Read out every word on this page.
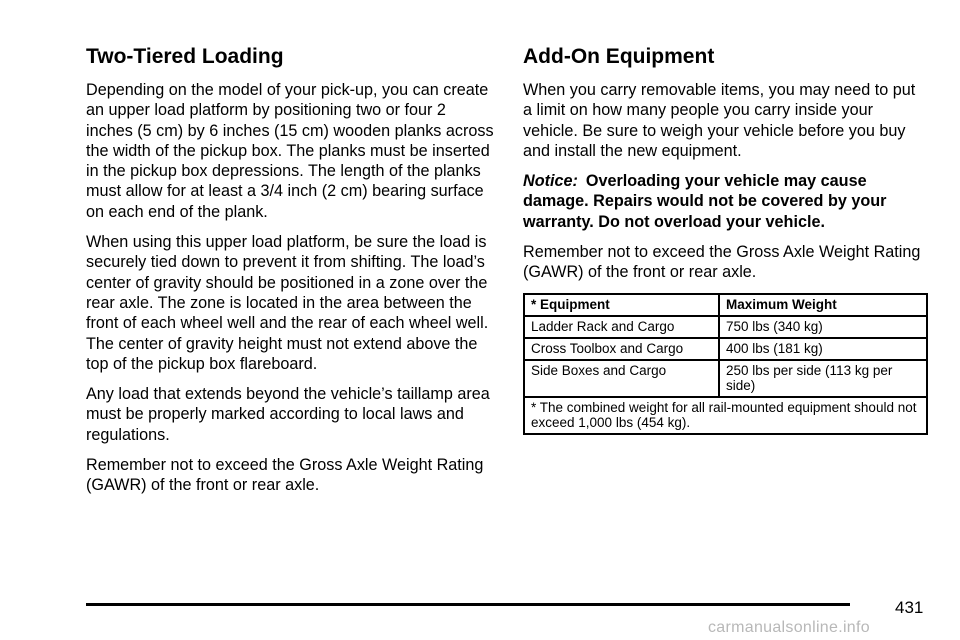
Two-Tiered Loading

Depending on the model of your pick-up, you can create an upper load platform by positioning two or four 2 inches (5 cm) by 6 inches (15 cm) wooden planks across the width of the pickup box. The planks must be inserted in the pickup box depressions. The length of the planks must allow for at least a 3/4 inch (2 cm) bearing surface on each end of the plank.

When using this upper load platform, be sure the load is securely tied down to prevent it from shifting. The load’s center of gravity should be positioned in a zone over the rear axle. The zone is located in the area between the front of each wheel well and the rear of each wheel well. The center of gravity height must not extend above the top of the pickup box flareboard.

Any load that extends beyond the vehicle’s taillamp area must be properly marked according to local laws and regulations.

Remember not to exceed the Gross Axle Weight Rating (GAWR) of the front or rear axle.

Add-On Equipment

When you carry removable items, you may need to put a limit on how many people you carry inside your vehicle. Be sure to weigh your vehicle before you buy and install the new equipment.

Notice: Overloading your vehicle may cause damage. Repairs would not be covered by your warranty. Do not overload your vehicle.

Remember not to exceed the Gross Axle Weight Rating (GAWR) of the front or rear axle.

* Equipment	Maximum Weight
Ladder Rack and Cargo	750 lbs (340 kg)
Cross Toolbox and Cargo	400 lbs (181 kg)
Side Boxes and Cargo	250 lbs per side (113 kg per side)
* The combined weight for all rail-mounted equipment should not exceed 1,000 lbs (454 kg).	
431
carmanualsonline.info
